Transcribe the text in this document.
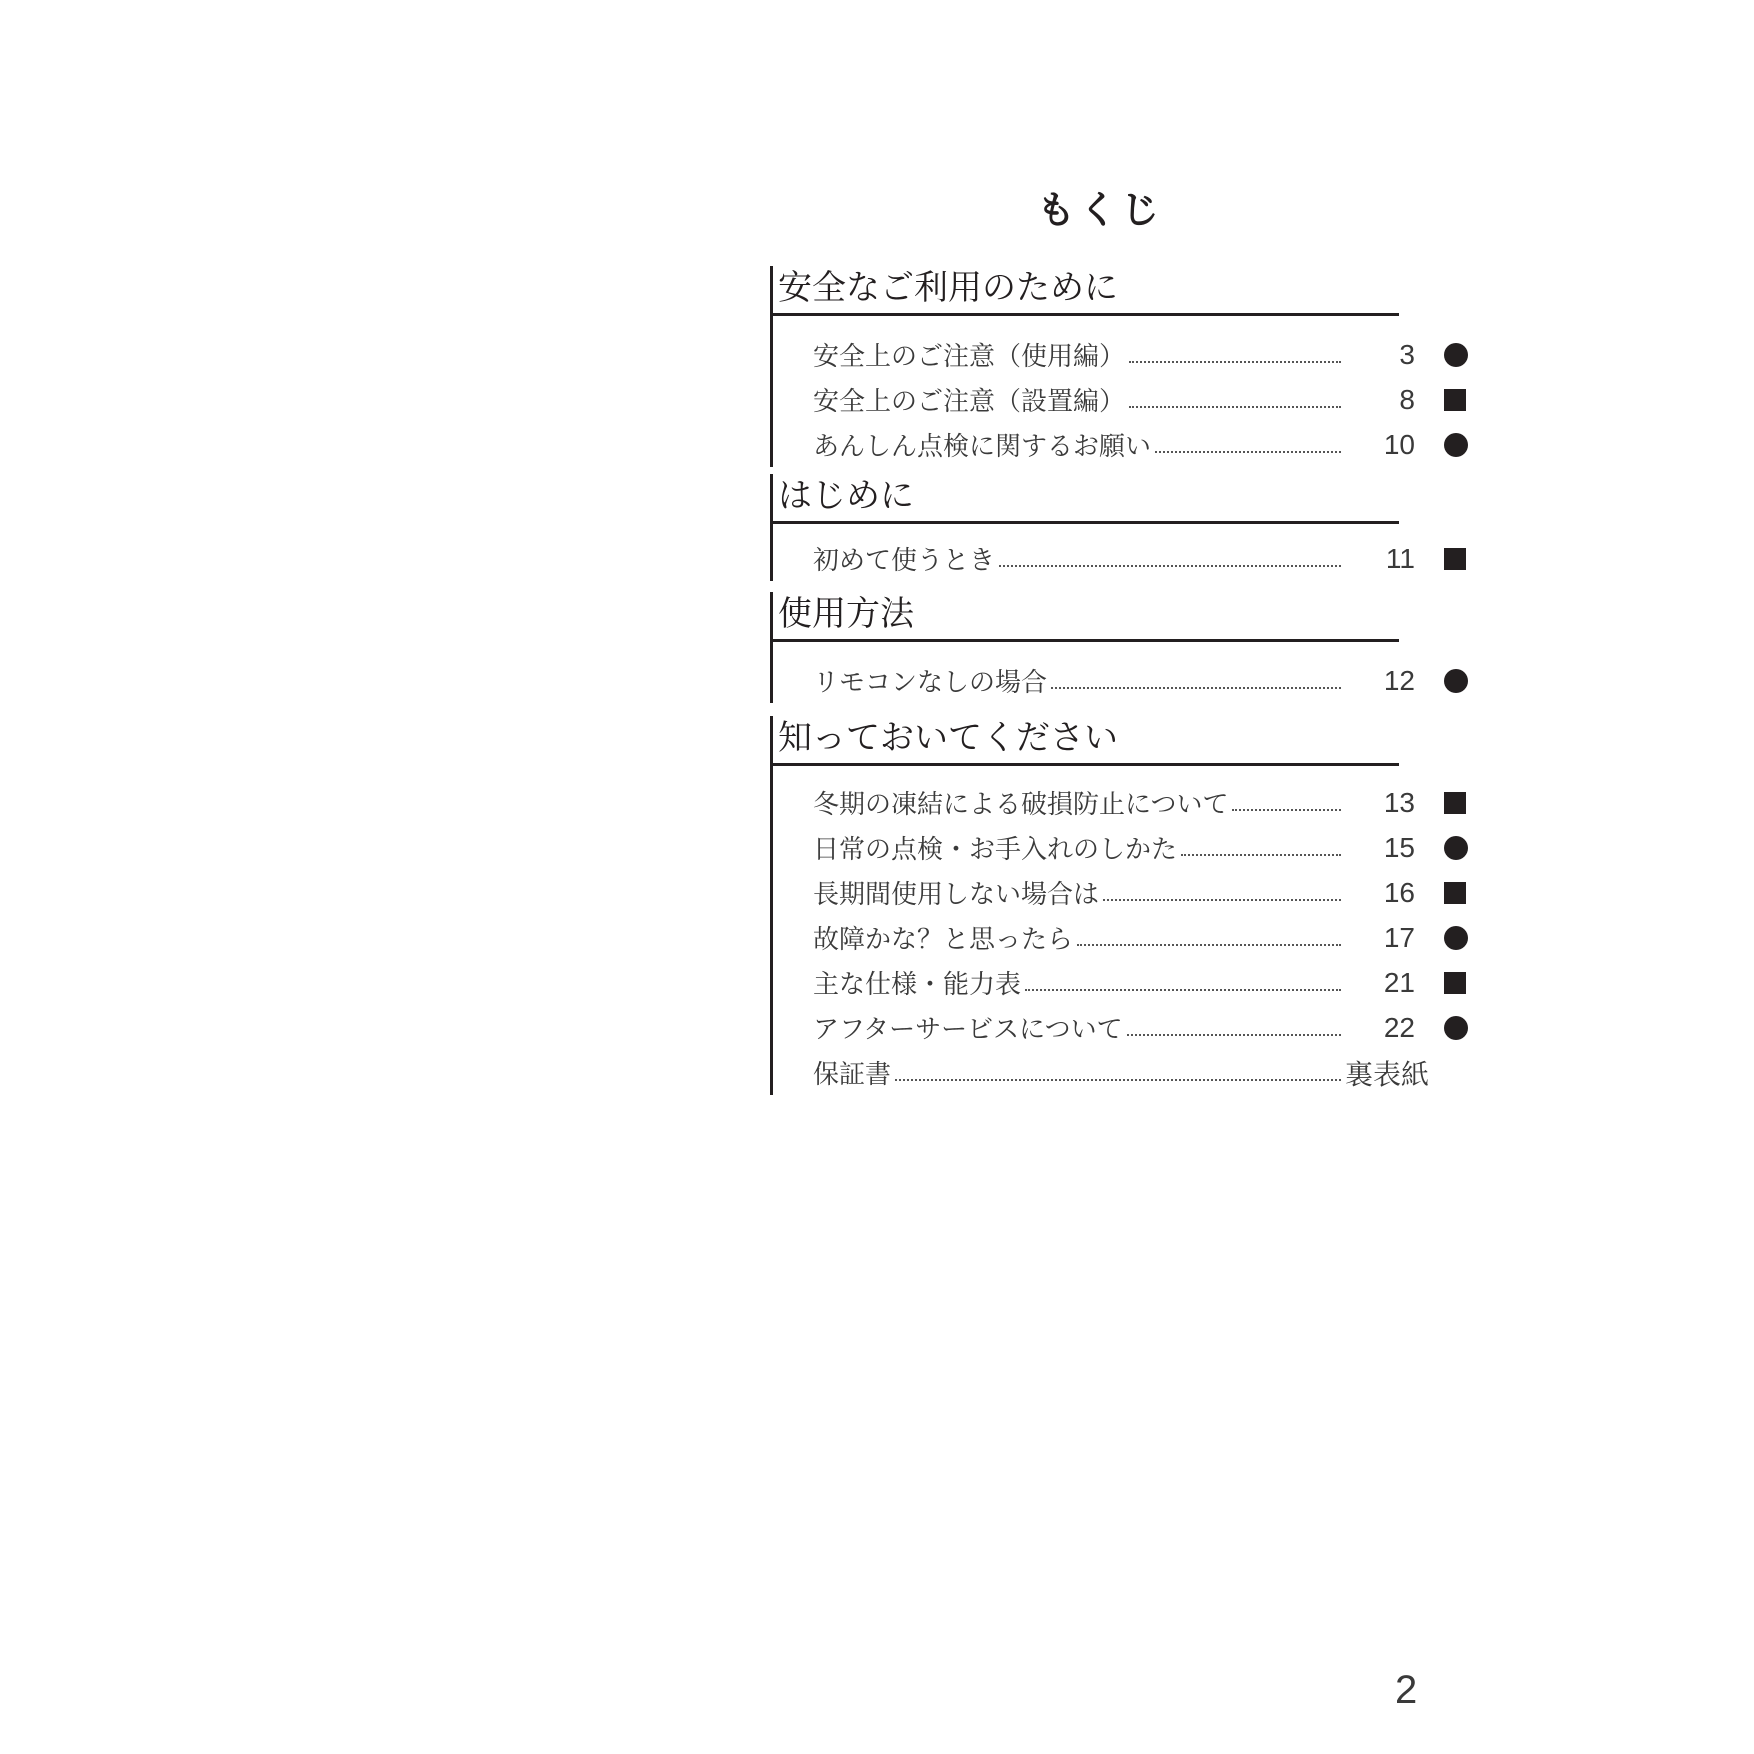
もくじ
安全なご利用のために
安全上のご注意（使用編）	3
安全上のご注意（設置編）	8
あんしん点検に関するお願い	10
はじめに
初めて使うとき	11
使用方法
リモコンなしの場合	12
知っておいてください
冬期の凍結による破損防止について	13
日常の点検・お手入れのしかた	15
長期間使用しない場合は	16
故障かな？と思ったら	17
主な仕様・能力表	21
アフターサービスについて	22
保証書	裏表紙
2
